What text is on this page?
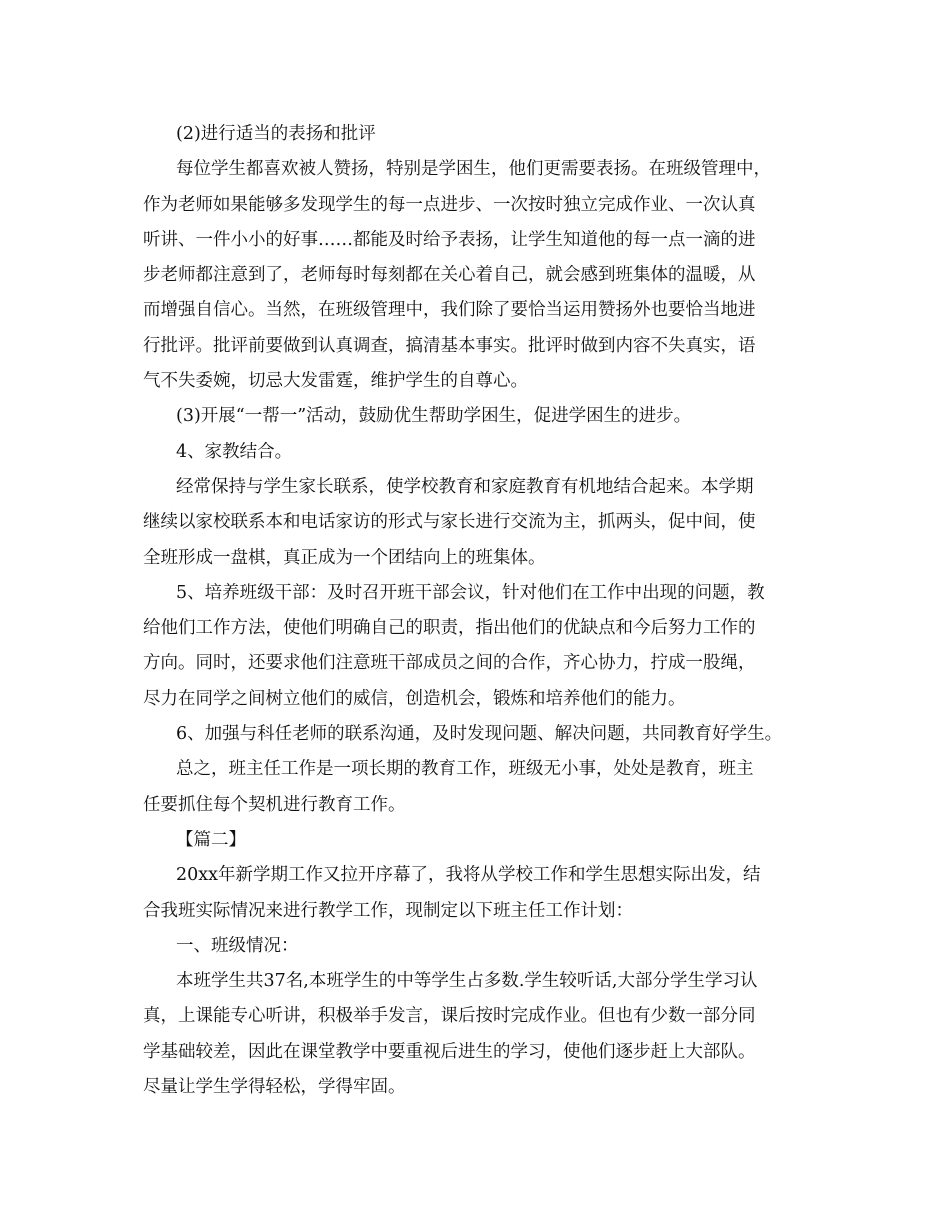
(2)进行适当的表扬和批评

每位学生都喜欢被人赞扬，特别是学困生，他们更需要表扬。在班级管理中，

作为老师如果能够多发现学生的每一点进步、一次按时独立完成作业、一次认真

听讲、一件小小的好事……都能及时给予表扬，让学生知道他的每一点一滴的进

步老师都注意到了，老师每时每刻都在关心着自己，就会感到班集体的温暖，从

而增强自信心。当然，在班级管理中，我们除了要恰当运用赞扬外也要恰当地进

行批评。批评前要做到认真调查，搞清基本事实。批评时做到内容不失真实，语

气不失委婉，切忌大发雷霆，维护学生的自尊心。

(3)开展“一帮一”活动，鼓励优生帮助学困生，促进学困生的进步。

4、家教结合。

经常保持与学生家长联系，使学校教育和家庭教育有机地结合起来。本学期

继续以家校联系本和电话家访的形式与家长进行交流为主，抓两头，促中间，使

全班形成一盘棋，真正成为一个团结向上的班集体。

5、培养班级干部：及时召开班干部会议，针对他们在工作中出现的问题，教

给他们工作方法，使他们明确自己的职责，指出他们的优缺点和今后努力工作的

方向。同时，还要求他们注意班干部成员之间的合作，齐心协力，拧成一股绳，

尽力在同学之间树立他们的威信，创造机会，锻炼和培养他们的能力。

6、加强与科任老师的联系沟通，及时发现问题、解决问题，共同教育好学生。

总之，班主任工作是一项长期的教育工作，班级无小事，处处是教育，班主

任要抓住每个契机进行教育工作。

【篇二】

20xx年新学期工作又拉开序幕了，我将从学校工作和学生思想实际出发，结

合我班实际情况来进行教学工作，现制定以下班主任工作计划：

一、班级情况：

本班学生共37名,本班学生的中等学生占多数.学生较听话,大部分学生学习认

真，上课能专心听讲，积极举手发言，课后按时完成作业。但也有少数一部分同

学基础较差，因此在课堂教学中要重视后进生的学习，使他们逐步赶上大部队。

尽量让学生学得轻松，学得牢固。
